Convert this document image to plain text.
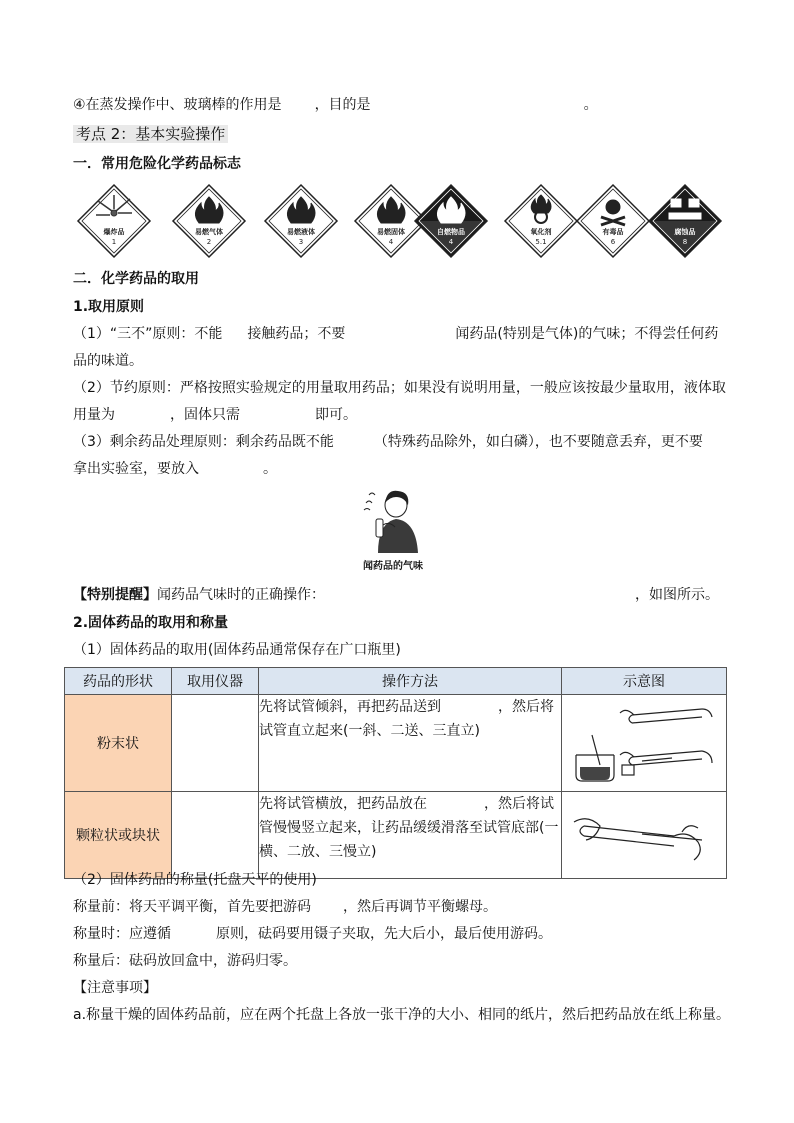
④在蒸发操作中、玻璃棒的作用是 ，目的是	。
考点 2：基本实验操作
一．常用危险化学药品标志
爆炸品
1
易燃气体
2
易燃液体
3
易燃固体
4
自燃物品
4
氧化剂
5.1
有毒品
6
腐蚀品
8
二．化学药品的取用
1.取用原则
（1）“三不”原则：不能 接触药品；不要	闻药品(特别是气体)的气味；不得尝任何药
品的味道。
（2）节约原则：严格按照实验规定的用量取用药品；如果没有说明用量，一般应该按最少量取用，液体取
用量为	，固体只需	即可。
（3）剩余药品处理原则：剩余药品既不能	（特殊药品除外，如白磷），也不要随意丢弃，更不要
拿出实验室，要放入	。
闻药品的气味
【特别提醒】闻药品气味时的正确操作：	，如图所示。
2.固体药品的取用和称量
（1）固体药品的取用(固体药品通常保存在广口瓶里)
药品的形状	取用仪器	操作方法	示意图
粉末状		先将试管倾斜，再把药品送到 ，然后将试管直立起来(一斜、二送、三直立)	
颗粒状或块状		先将试管横放，把药品放在 ，然后将试管慢慢竖立起来，让药品缓缓滑落至试管底部(一横、二放、三慢立)	
（2）固体药品的称量(托盘天平的使用)
称量前：将天平调平衡，首先要把游码 ，然后再调节平衡螺母。
称量时：应遵循	原则，砝码要用镊子夹取，先大后小，最后使用游码。
称量后：砝码放回盒中，游码归零。
【注意事项】
a.称量干燥的固体药品前，应在两个托盘上各放一张干净的大小、相同的纸片，然后把药品放在纸上称量。
